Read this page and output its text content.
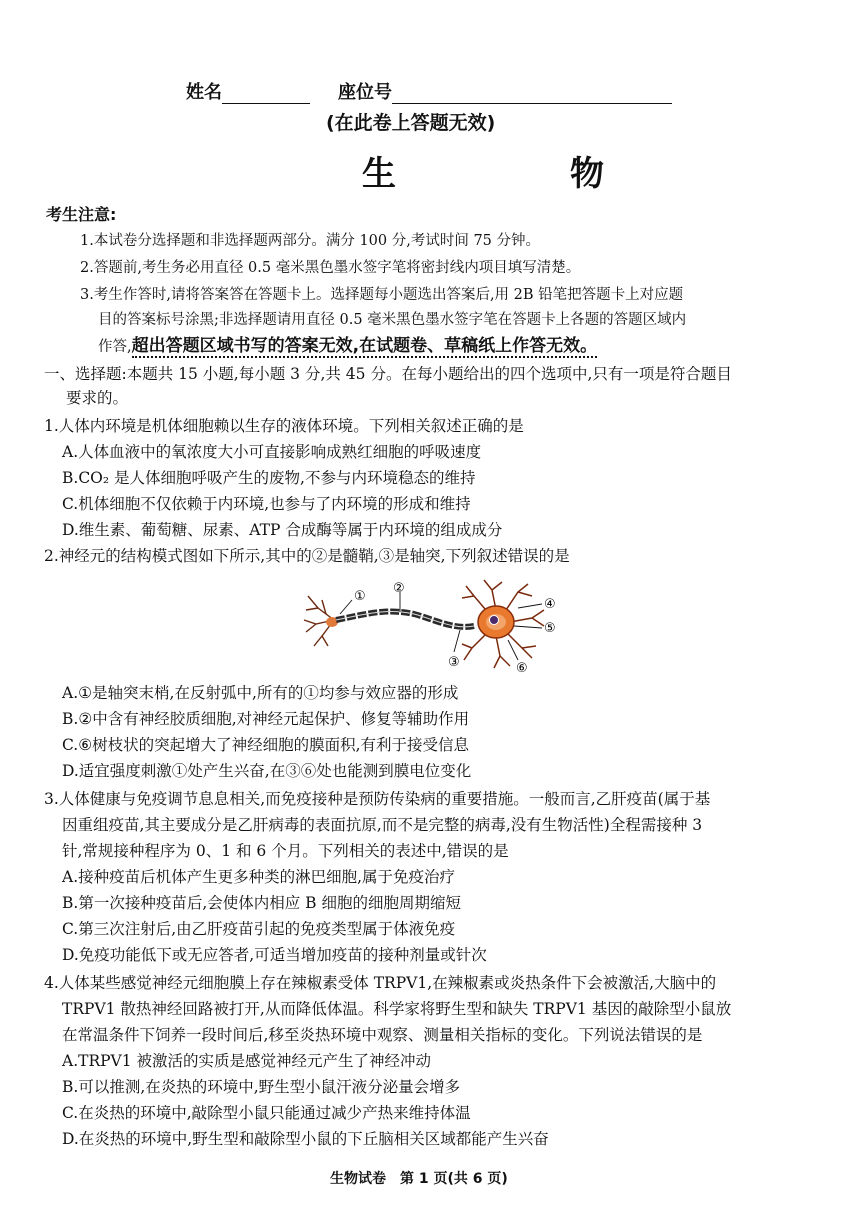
姓名	座位号
(在此卷上答题无效)
生　物
考生注意:
1.本试卷分选择题和非选择题两部分。满分 100 分,考试时间 75 分钟。
2.答题前,考生务必用直径 0.5 毫米黑色墨水签字笔将密封线内项目填写清楚。
3.考生作答时,请将答案答在答题卡上。选择题每小题选出答案后,用 2B 铅笔把答题卡上对应题
目的答案标号涂黑;非选择题请用直径 0.5 毫米黑色墨水签字笔在答题卡上各题的答题区域内
作答,超出答题区域书写的答案无效,在试题卷、草稿纸上作答无效。
一、选择题:本题共 15 小题,每小题 3 分,共 45 分。在每小题给出的四个选项中,只有一项是符合题目
要求的。
1.人体内环境是机体细胞赖以生存的液体环境。下列相关叙述正确的是
A.人体血液中的氧浓度大小可直接影响成熟红细胞的呼吸速度
B.CO₂ 是人体细胞呼吸产生的废物,不参与内环境稳态的维持
C.机体细胞不仅依赖于内环境,也参与了内环境的形成和维持
D.维生素、葡萄糖、尿素、ATP 合成酶等属于内环境的组成成分
2.神经元的结构模式图如下所示,其中的②是髓鞘,③是轴突,下列叙述错误的是
①
②
③
④
⑤
⑥
A.①是轴突末梢,在反射弧中,所有的①均参与效应器的形成
B.②中含有神经胶质细胞,对神经元起保护、修复等辅助作用
C.⑥树枝状的突起增大了神经细胞的膜面积,有利于接受信息
D.适宜强度刺激①处产生兴奋,在③⑥处也能测到膜电位变化
3.人体健康与免疫调节息息相关,而免疫接种是预防传染病的重要措施。一般而言,乙肝疫苗(属于基
因重组疫苗,其主要成分是乙肝病毒的表面抗原,而不是完整的病毒,没有生物活性)全程需接种 3
针,常规接种程序为 0、1 和 6 个月。下列相关的表述中,错误的是
A.接种疫苗后机体产生更多种类的淋巴细胞,属于免疫治疗
B.第一次接种疫苗后,会使体内相应 B 细胞的细胞周期缩短
C.第三次注射后,由乙肝疫苗引起的免疫类型属于体液免疫
D.免疫功能低下或无应答者,可适当增加疫苗的接种剂量或针次
4.人体某些感觉神经元细胞膜上存在辣椒素受体 TRPV1,在辣椒素或炎热条件下会被激活,大脑中的
TRPV1 散热神经回路被打开,从而降低体温。科学家将野生型和缺失 TRPV1 基因的敲除型小鼠放
在常温条件下饲养一段时间后,移至炎热环境中观察、测量相关指标的变化。下列说法错误的是
A.TRPV1 被激活的实质是感觉神经元产生了神经冲动
B.可以推测,在炎热的环境中,野生型小鼠汗液分泌量会增多
C.在炎热的环境中,敲除型小鼠只能通过减少产热来维持体温
D.在炎热的环境中,野生型和敲除型小鼠的下丘脑相关区域都能产生兴奋
生物试卷　第 1 页(共 6 页)
